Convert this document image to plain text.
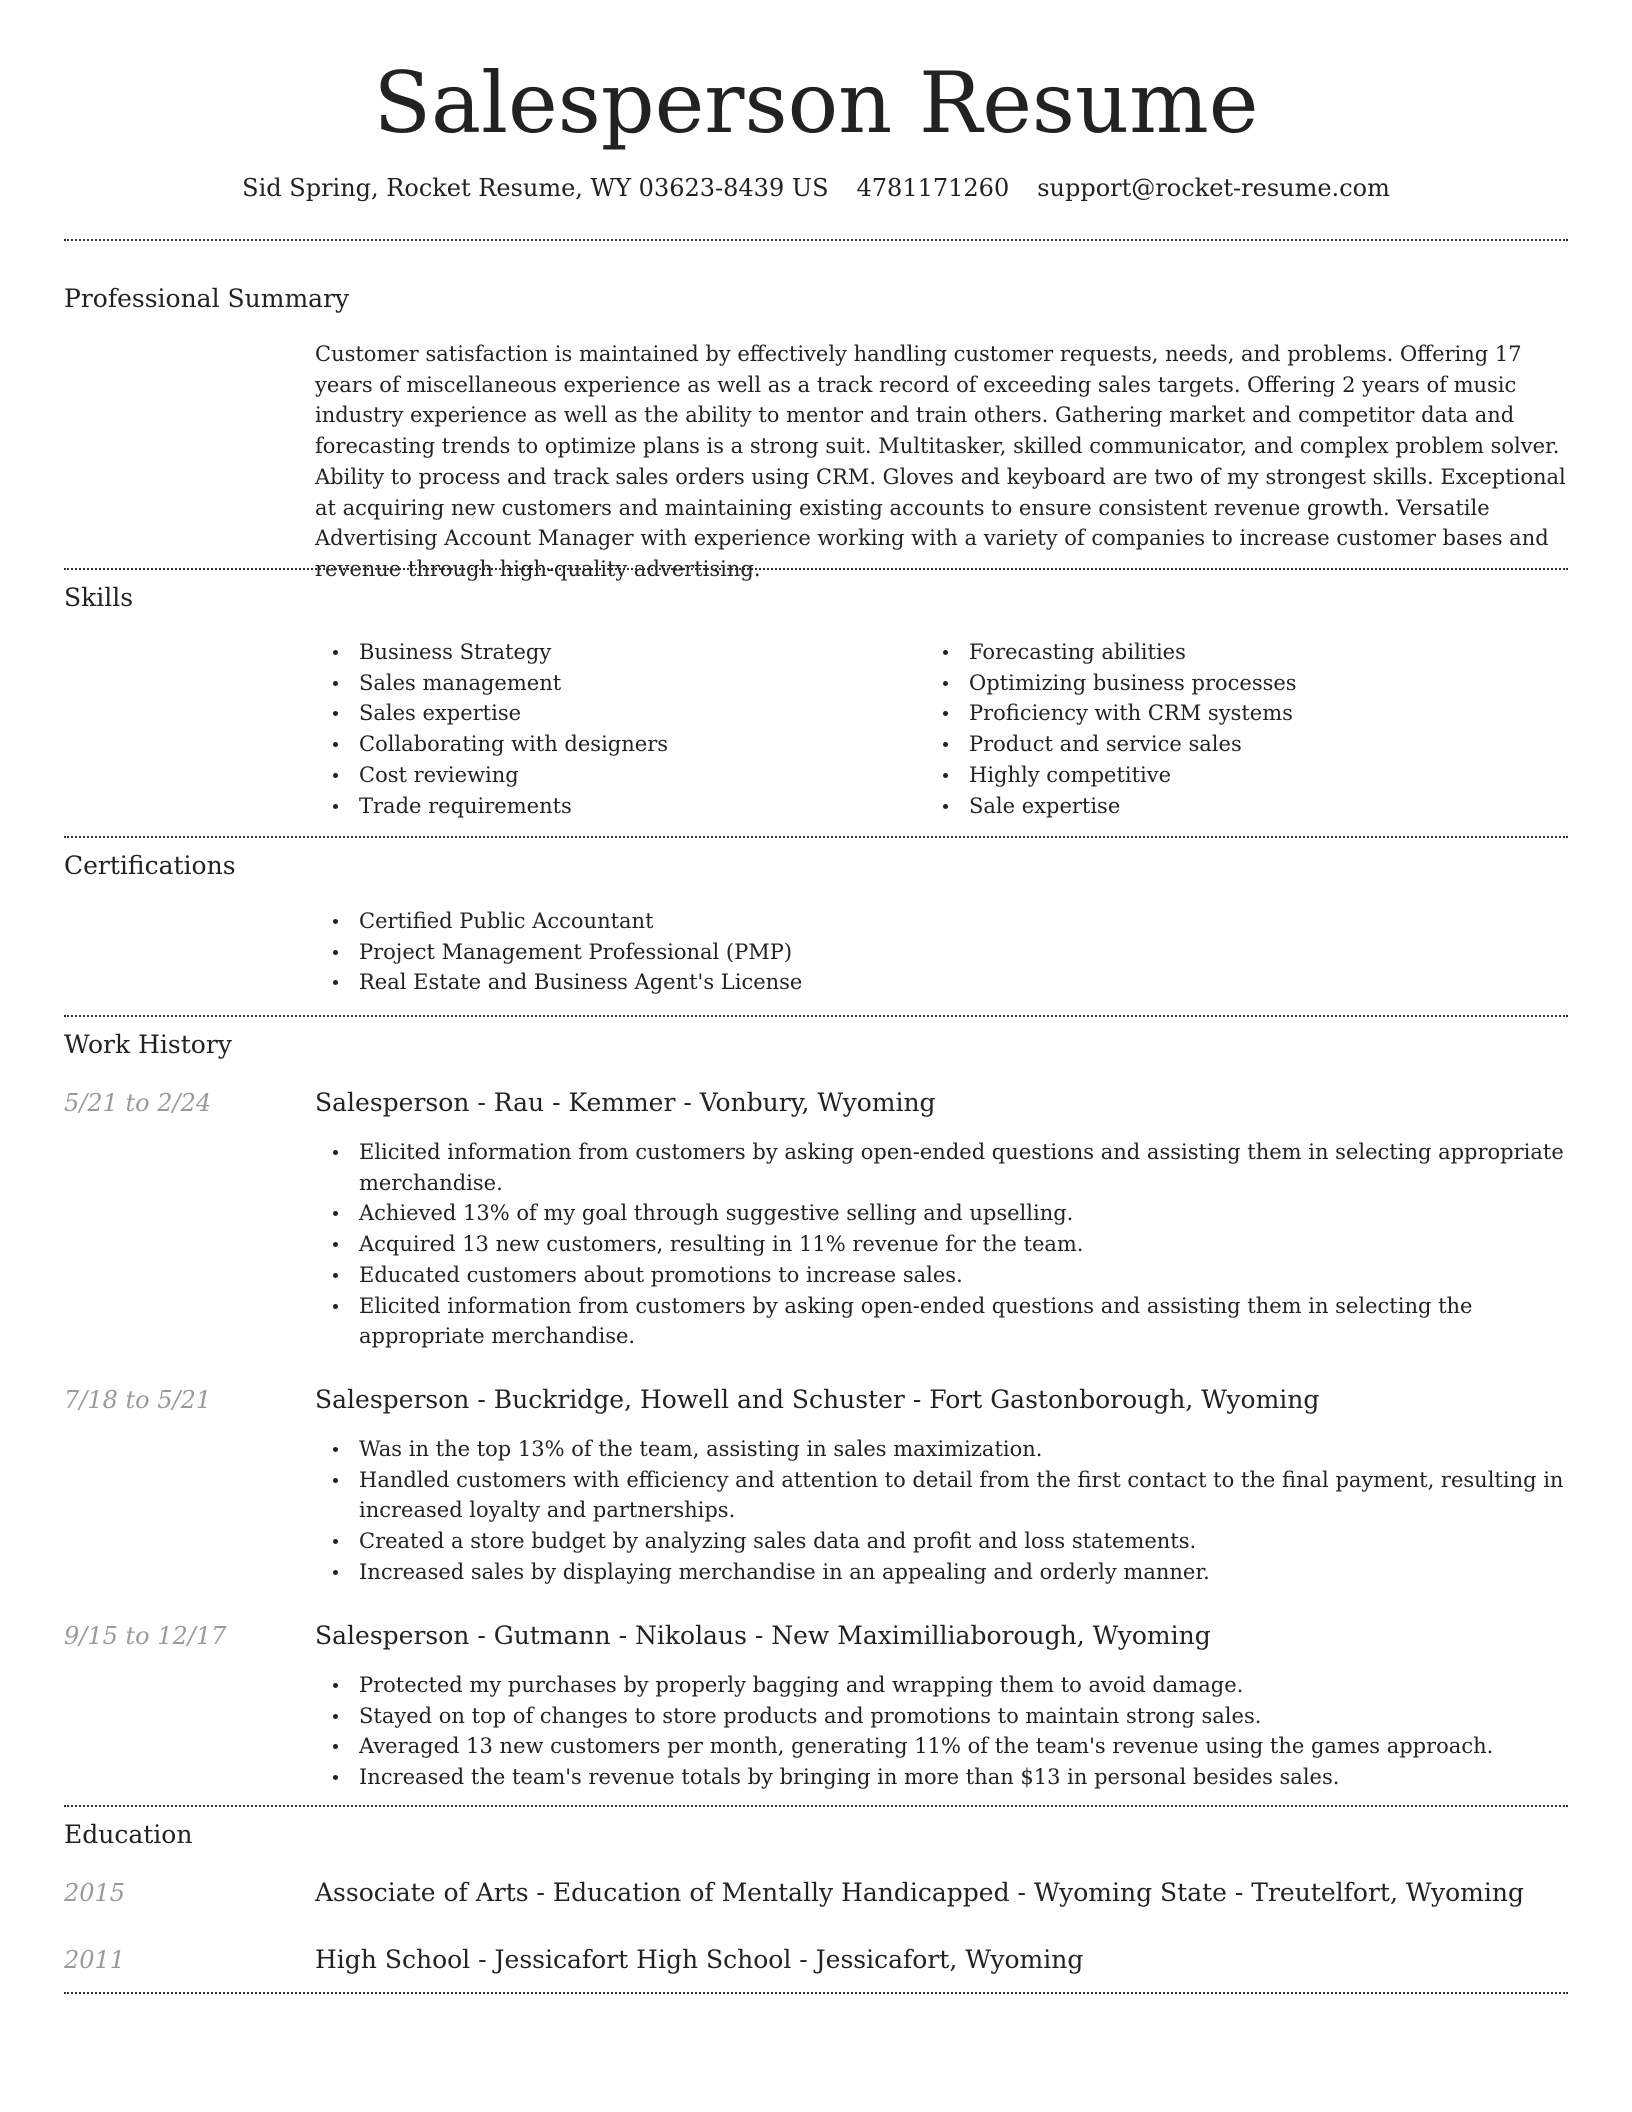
Salesperson Resume
Sid Spring, Rocket Resume, WY 03623-8439 US 4781171260 support@rocket-resume.com
Professional Summary
Customer satisfaction is maintained by effectively handling customer requests, needs, and problems. Offering 17 years of miscellaneous experience as well as a track record of exceeding sales targets. Offering 2 years of music industry experience as well as the ability to mentor and train others. Gathering market and competitor data and forecasting trends to optimize plans is a strong suit. Multitasker, skilled communicator, and complex problem solver. Ability to process and track sales orders using CRM. Gloves and keyboard are two of my strongest skills. Exceptional at acquiring new customers and maintaining existing accounts to ensure consistent revenue growth. Versatile Advertising Account Manager with experience working with a variety of companies to increase customer bases and revenue through high-quality advertising.
Skills
Business Strategy
Sales management
Sales expertise
Collaborating with designers
Cost reviewing
Trade requirements
Forecasting abilities
Optimizing business processes
Proficiency with CRM systems
Product and service sales
Highly competitive
Sale expertise
Certifications
Certified Public Accountant
Project Management Professional (PMP)
Real Estate and Business Agent's License
Work History
5/21 to 2/24	Salesperson - Rau - Kemmer - Vonbury, Wyoming
Elicited information from customers by asking open-ended questions and assisting them in selecting appropriate merchandise.
Achieved 13% of my goal through suggestive selling and upselling.
Acquired 13 new customers, resulting in 11% revenue for the team.
Educated customers about promotions to increase sales.
Elicited information from customers by asking open-ended questions and assisting them in selecting the appropriate merchandise.
7/18 to 5/21	Salesperson - Buckridge, Howell and Schuster - Fort Gastonborough, Wyoming
Was in the top 13% of the team, assisting in sales maximization.
Handled customers with efficiency and attention to detail from the first contact to the final payment, resulting in increased loyalty and partnerships.
Created a store budget by analyzing sales data and profit and loss statements.
Increased sales by displaying merchandise in an appealing and orderly manner.
9/15 to 12/17	Salesperson - Gutmann - Nikolaus - New Maximilliaborough, Wyoming
Protected my purchases by properly bagging and wrapping them to avoid damage.
Stayed on top of changes to store products and promotions to maintain strong sales.
Averaged 13 new customers per month, generating 11% of the team's revenue using the games approach.
Increased the team's revenue totals by bringing in more than $13 in personal besides sales.
Education
2015	Associate of Arts - Education of Mentally Handicapped - Wyoming State - Treutelfort, Wyoming
2011	High School - Jessicafort High School - Jessicafort, Wyoming
